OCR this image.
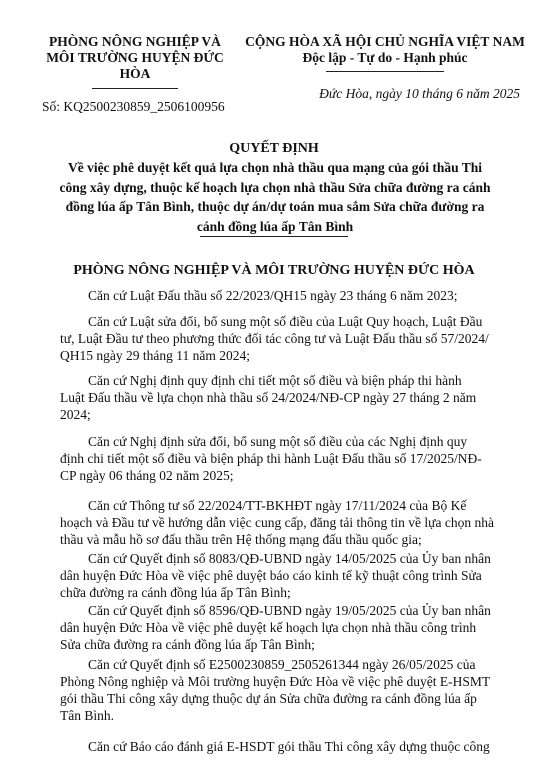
PHÒNG NÔNG NGHIỆP VÀ
MÔI TRƯỜNG HUYỆN ĐỨC
HÒA
CỘNG HÒA XÃ HỘI CHỦ NGHĨA VIỆT NAM
Độc lập - Tự do - Hạnh phúc
Đức Hòa, ngày 10 tháng 6 năm 2025
Số: KQ2500230859_2506100956
QUYẾT ĐỊNH
Về việc phê duyệt kết quả lựa chọn nhà thầu qua mạng của gói thầu Thi
công xây dựng, thuộc kế hoạch lựa chọn nhà thầu Sửa chữa đường ra cánh
đồng lúa ấp Tân Bình, thuộc dự án/dự toán mua sắm Sửa chữa đường ra
cánh đồng lúa ấp Tân Bình
PHÒNG NÔNG NGHIỆP VÀ MÔI TRƯỜNG HUYỆN ĐỨC HÒA
Căn cứ Luật Đấu thầu số 22/2023/QH15 ngày 23 tháng 6 năm 2023;
Căn cứ Luật sửa đổi, bổ sung một số điều của Luật Quy hoạch, Luật Đầu
tư, Luật Đầu tư theo phương thức đối tác công tư và Luật Đấu thầu số 57/2024/
QH15 ngày 29 tháng 11 năm 2024;
Căn cứ Nghị định quy định chi tiết một số điều và biện pháp thi hành
Luật Đấu thầu về lựa chọn nhà thầu số 24/2024/NĐ-CP ngày 27 tháng 2 năm
2024;
Căn cứ Nghị định sửa đổi, bổ sung một số điều của các Nghị định quy
định chi tiết một số điều và biện pháp thi hành Luật Đấu thầu số 17/2025/NĐ-
CP ngày 06 tháng 02 năm 2025;
Căn cứ Thông tư số 22/2024/TT-BKHĐT ngày 17/11/2024 của Bộ Kế
hoạch và Đầu tư về hướng dẫn việc cung cấp, đăng tải thông tin về lựa chọn nhà
thầu và mẫu hồ sơ đấu thầu trên Hệ thống mạng đấu thầu quốc gia;
Căn cứ Quyết định số 8083/QĐ-UBND ngày 14/05/2025 của Ủy ban nhân
dân huyện Đức Hòa về việc phê duyệt báo cáo kinh tế kỹ thuật công trình Sửa
chữa đường ra cánh đồng lúa ấp Tân Bình;
Căn cứ Quyết định số 8596/QĐ-UBND ngày 19/05/2025 của Ủy ban nhân
dân huyện Đức Hòa về việc phê duyệt kế hoạch lựa chọn nhà thầu công trình
Sửa chữa đường ra cánh đồng lúa ấp Tân Bình;
Căn cứ Quyết định số E2500230859_2505261344 ngày 26/05/2025 của
Phòng Nông nghiệp và Môi trường huyện Đức Hòa về việc phê duyệt E-HSMT
gói thầu Thi công xây dựng thuộc dự án Sửa chữa đường ra cánh đồng lúa ấp
Tân Bình.
Căn cứ Báo cáo đánh giá E-HSDT gói thầu Thi công xây dựng thuộc công
